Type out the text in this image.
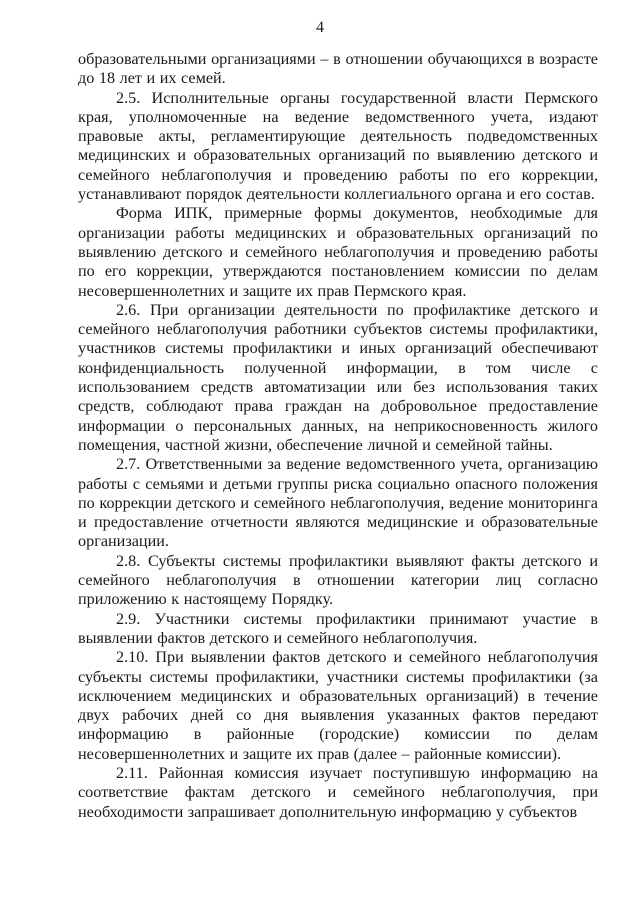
4

образовательными организациями – в отношении обучающихся в возрасте до 18 лет и их семей.

2.5. Исполнительные органы государственной власти Пермского края, уполномоченные на ведение ведомственного учета, издают правовые акты, регламентирующие деятельность подведомственных медицинских и образовательных организаций по выявлению детского и семейного неблагополучия и проведению работы по его коррекции, устанавливают порядок деятельности коллегиального органа и его состав.

Форма ИПК, примерные формы документов, необходимые для организации работы медицинских и образовательных организаций по выявлению детского и семейного неблагополучия и проведению работы по его коррекции, утверждаются постановлением комиссии по делам несовершеннолетних и защите их прав Пермского края.

2.6. При организации деятельности по профилактике детского и семейного неблагополучия работники субъектов системы профилактики, участников системы профилактики и иных организаций обеспечивают конфиденциальность полученной информации, в том числе с использованием средств автоматизации или без использования таких средств, соблюдают права граждан на добровольное предоставление информации о персональных данных, на неприкосновенность жилого помещения, частной жизни, обеспечение личной и семейной тайны.

2.7. Ответственными за ведение ведомственного учета, организацию работы с семьями и детьми группы риска социально опасного положения по коррекции детского и семейного неблагополучия, ведение мониторинга и предоставление отчетности являются медицинские и образовательные организации.

2.8. Субъекты системы профилактики выявляют факты детского и семейного неблагополучия в отношении категории лиц согласно приложению к настоящему Порядку.

2.9. Участники системы профилактики принимают участие в выявлении фактов детского и семейного неблагополучия.

2.10. При выявлении фактов детского и семейного неблагополучия субъекты системы профилактики, участники системы профилактики (за исключением медицинских и образовательных организаций) в течение двух рабочих дней со дня выявления указанных фактов передают информацию в районные (городские) комиссии по делам несовершеннолетних и защите их прав (далее – районные комиссии).

2.11. Районная комиссия изучает поступившую информацию на соответствие фактам детского и семейного неблагополучия, при необходимости запрашивает дополнительную информацию у субъектов
